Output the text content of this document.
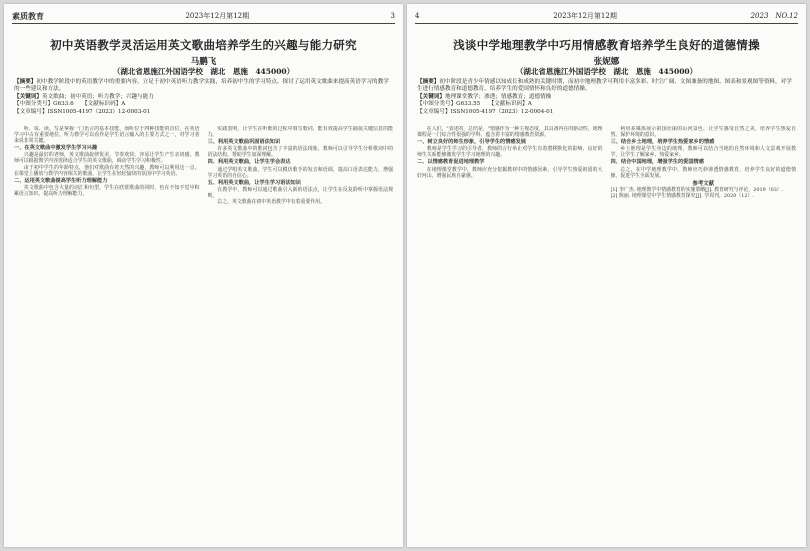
素质教育	2023年12月第12期	3
初中英语教学灵活运用英文歌曲培养学生的兴趣与能力研究
马鹏飞
（湖北省恩施江外国语学校　湖北　恩施　445000）

【摘要】初中教学阶段中的英语教学中的重要内容，立足于初中英语听力教学实践，培养初中生的学习特点。探讨了运用英文歌曲来提高英语学习的教学的一些建议和方法。

【关键词】英文歌曲；初中英语；听力教学；兴趣与能力

【中图分类号】G633.6　　 【文献标识码】A

【文章编号】ISSN1005-4197（2023）12-0003-01

听、说、读、写是掌握一门语言的基本技能，而听位于四种技能的首位，在英语学习中占有重要地位。听力教学可以看作是学生语言输入的主要方式之一，对学习者来说非常关键。

一、在英文歌曲中激发学生学习兴趣

兴趣是最好的老师，英文歌曲旋律优美，节奏欢快，容易让学生产生亲切感，教师可以根据教学内容选择适合学生的英文歌曲，调动学生学习积极性。

由于初中学生的年龄特点，他们对歌曲有着天然的兴趣，教师可以利用这一点，在课堂上播放与教学内容相关的歌曲，让学生在轻松愉快的氛围中学习英语。

二、运用英文歌曲提高学生听力理解能力

英文歌曲中包含大量的词汇和句型，学生在欣赏歌曲的同时，也在不知不觉中积累语言知识，提高听力理解能力。

实践表明，让学生在听歌的过程中填写歌词，能有效提高学生捕捉关键信息的能力。

三、利用英文歌曲巩固语法知识

许多英文歌曲中的歌词包含了丰富的语法现象，教师可以引导学生分析歌词中的语法结构，帮助学生加深理解。

四、利用英文歌曲，让学生学会表达

通过学唱英文歌曲，学生可以模仿歌手的发音和语调，提高口语表达能力，增强学习英语的自信心。

五、利用英文歌曲，让学生学习语法知识

在教学中，教师可以通过歌曲引入新的语法点，让学生在反复聆听中掌握语法规则。

总之，英文歌曲在初中英语教学中有着重要作用。

4	2023年12月第12期	2023　NO.12
浅谈中学地理教学中巧用情感教育培养学生良好的道德情操
张妮娜
（湖北省恩施江外国语学校　湖北　恩施　445000）

【摘要】初中阶段是青少年情感以知成长和成熟的关键时期，而初中地理教学可利用丰富多彩、时空广阔、文图兼备的地图、图表和景观图等资料，对学生进行情感教育和道德教育，培养学生的爱国情怀和良好的道德情操。

【关键词】地理课堂教学；渗透；情感教育；道德情操

【中图分类号】G633.55　　 【文献标识码】A

【文章编号】ISSN1005-4197（2023）12-0004-01

在人们，"表述的，总结是，"情感作为一种主观态度，其具备内在的驱动性，地理课程是一门综合性很强的学科，蕴含着丰富的情感教育资源。

一、树立良好的师生形象，引导学生的情感发展

教师是学生学习的引导者，教师的言行举止对学生有着潜移默化的影响，良好的师生关系能够激发学生学习地理的兴趣。

二、以情感教育促进地理教学

在地理课堂教学中，教师应充分挖掘教材中的情感因素，引导学生热爱祖国的大好河山，增强民族自豪感。

利用多媒体展示祖国壮丽的山河景色，让学生感受自然之美，培养学生热爱自然、保护环境的意识。

三、结合乡土地理，培养学生热爱家乡的情感

乡土地理是学生身边的地理，教师可以结合当地的自然环境和人文景观开展教学，让学生了解家乡、热爱家乡。

四、结合中国地理，增强学生的爱国情感

总之，在中学地理教学中，教师应巧妙渗透情感教育，培养学生良好的道德情操，促进学生全面发展。

参考文献

[1] 李广杰. 地理教学中情感教育的实施策略[J]. 教育研究与评论，2019（03）.

[2] 陈丽. 地理课堂中学生情感教育探究[J]. 学周刊，2020（12）.
